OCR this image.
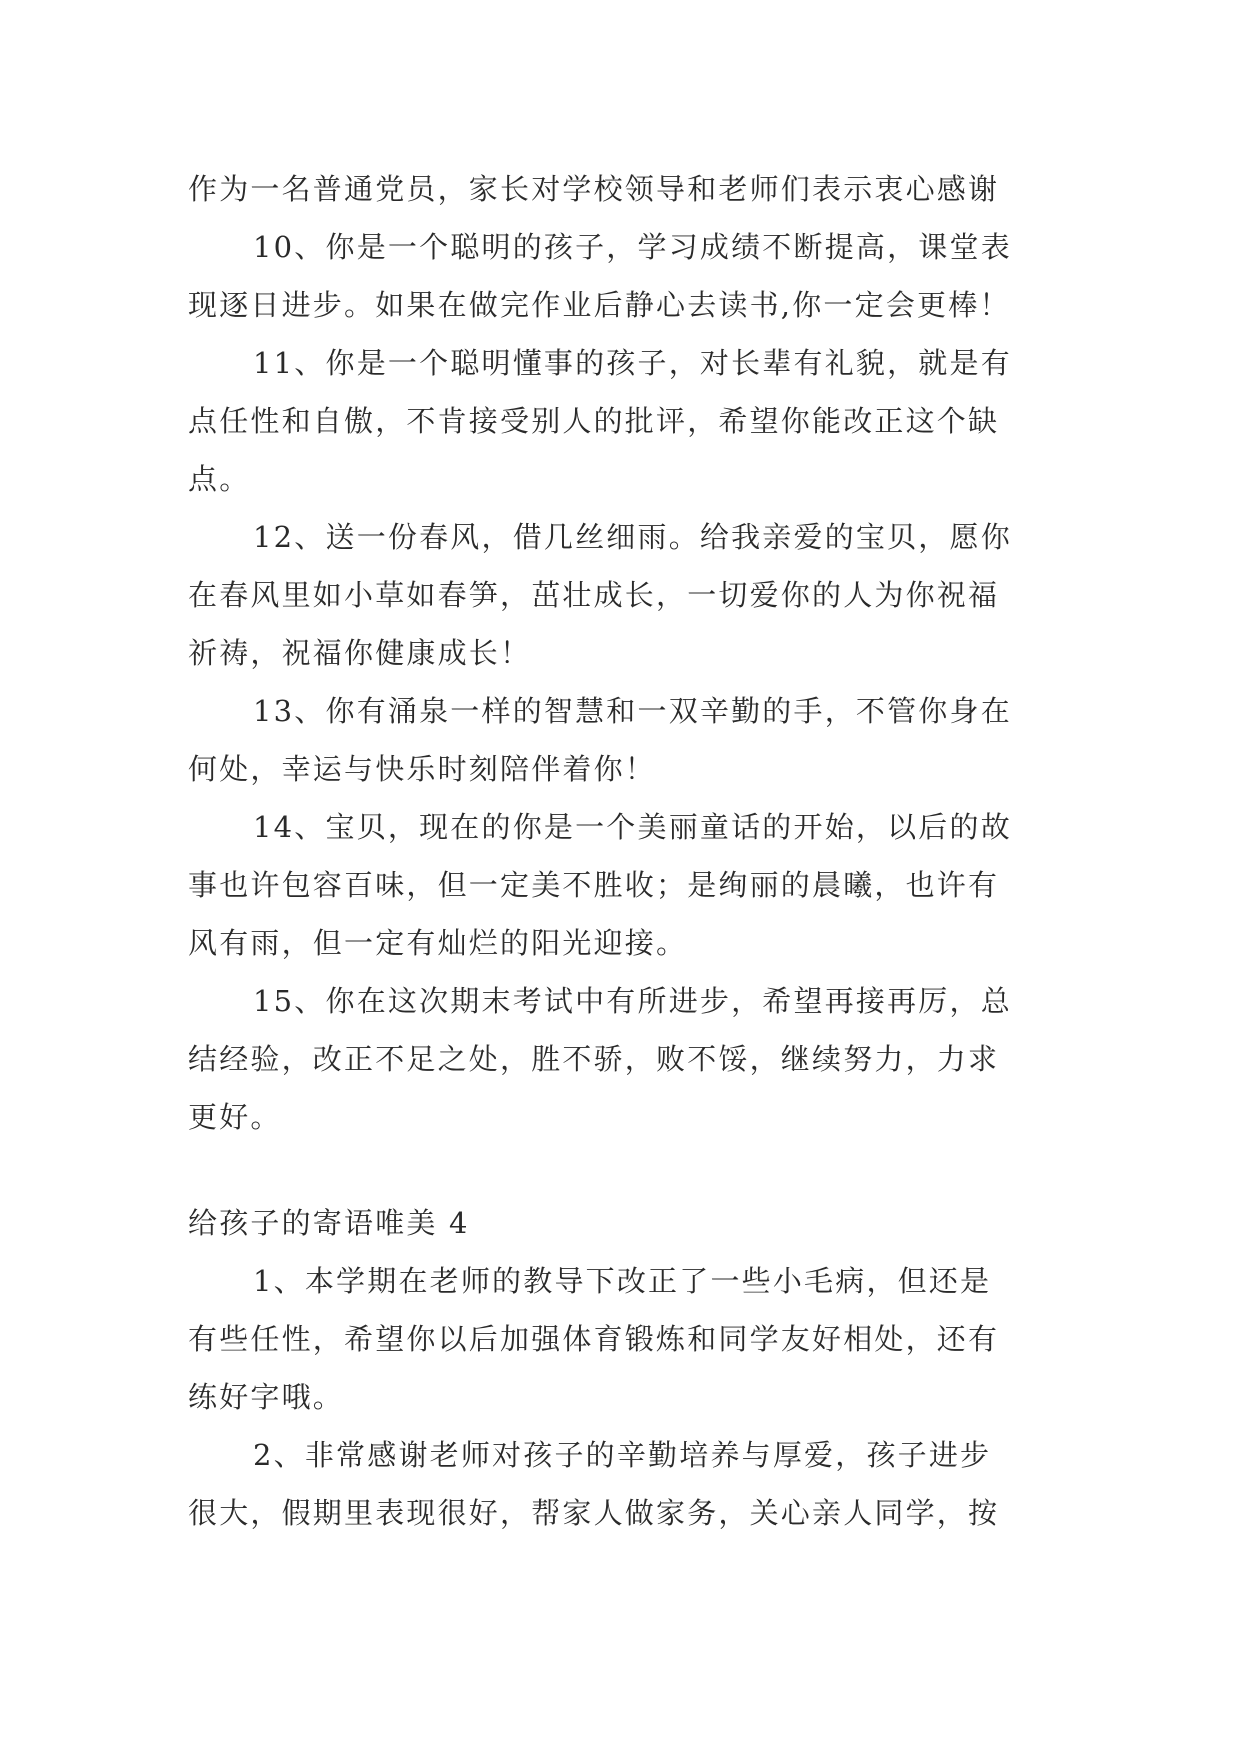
作为一名普通党员，家长对学校领导和老师们表示衷心感谢
10、你是一个聪明的孩子，学习成绩不断提高，课堂表
现逐日进步。如果在做完作业后静心去读书,你一定会更棒！
11、你是一个聪明懂事的孩子，对长辈有礼貌，就是有
点任性和自傲，不肯接受别人的批评，希望你能改正这个缺
点。
12、送一份春风，借几丝细雨。给我亲爱的宝贝，愿你
在春风里如小草如春笋，茁壮成长，一切爱你的人为你祝福
祈祷，祝福你健康成长！
13、你有涌泉一样的智慧和一双辛勤的手，不管你身在
何处，幸运与快乐时刻陪伴着你！
14、宝贝，现在的你是一个美丽童话的开始，以后的故
事也许包容百味，但一定美不胜收；是绚丽的晨曦，也许有
风有雨，但一定有灿烂的阳光迎接。
15、你在这次期末考试中有所进步，希望再接再厉，总
结经验，改正不足之处，胜不骄，败不馁，继续努力，力求
更好。
给孩子的寄语唯美 4
1、本学期在老师的教导下改正了一些小毛病，但还是
有些任性，希望你以后加强体育锻炼和同学友好相处，还有
练好字哦。
2、非常感谢老师对孩子的辛勤培养与厚爱，孩子进步
很大，假期里表现很好，帮家人做家务，关心亲人同学，按
